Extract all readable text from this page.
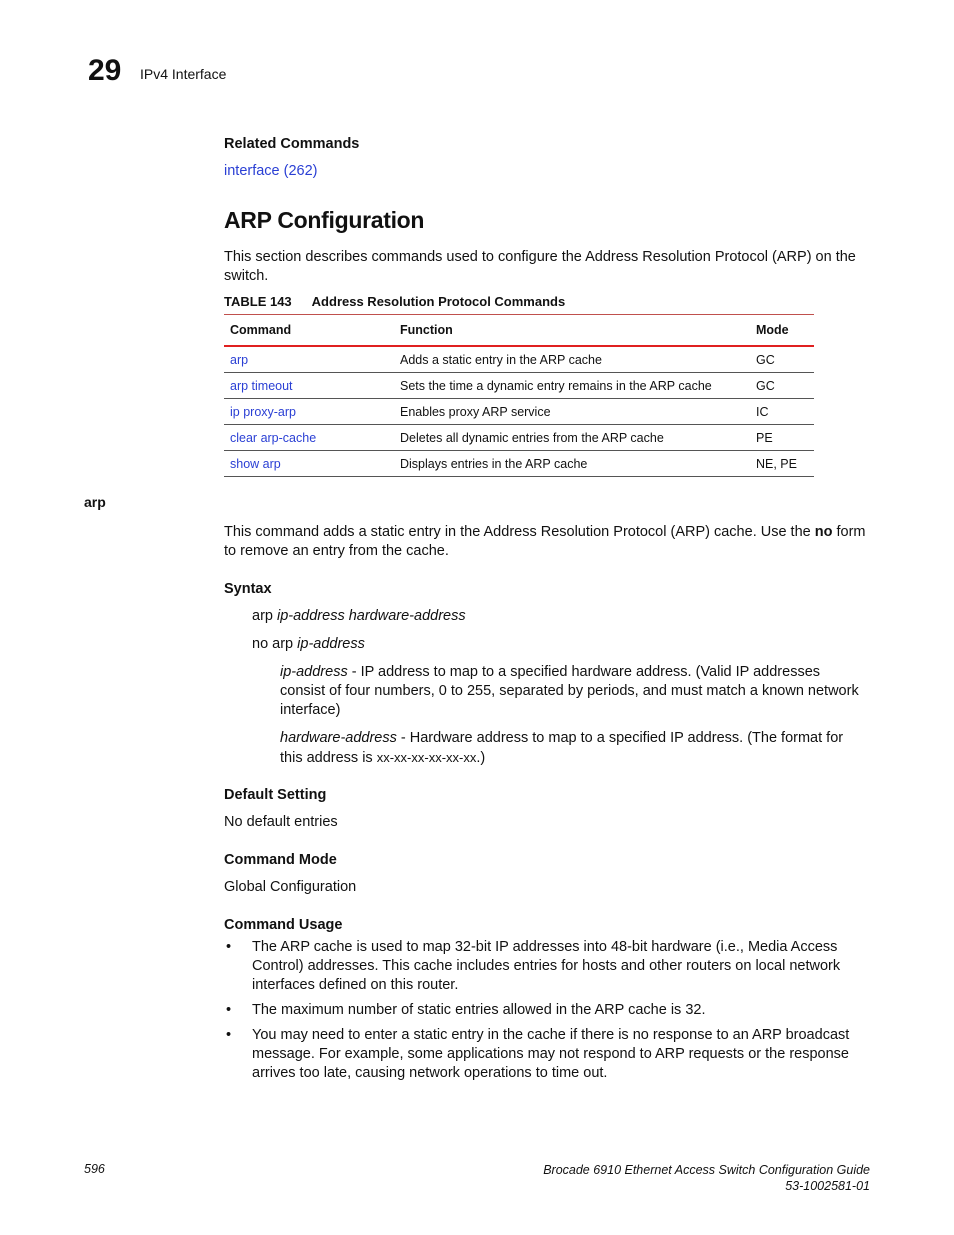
29 IPv4 Interface
Related Commands
interface (262)
ARP Configuration
This section describes commands used to configure the Address Resolution Protocol (ARP) on the switch.
TABLE 143 Address Resolution Protocol Commands
Command	Function	Mode
arp	Adds a static entry in the ARP cache	GC
arp timeout	Sets the time a dynamic entry remains in the ARP cache	GC
ip proxy-arp	Enables proxy ARP service	IC
clear arp-cache	Deletes all dynamic entries from the ARP cache	PE
show arp	Displays entries in the ARP cache	NE, PE
arp
This command adds a static entry in the Address Resolution Protocol (ARP) cache. Use the no form to remove an entry from the cache.
Syntax
arp ip-address hardware-address
no arp ip-address
ip-address - IP address to map to a specified hardware address. (Valid IP addresses consist of four numbers, 0 to 255, separated by periods, and must match a known network interface)
hardware-address - Hardware address to map to a specified IP address. (The format for this address is xx-xx-xx-xx-xx-xx.)
Default Setting
No default entries
Command Mode
Global Configuration
Command Usage
• The ARP cache is used to map 32-bit IP addresses into 48-bit hardware (i.e., Media Access Control) addresses. This cache includes entries for hosts and other routers on local network interfaces defined on this router.
• The maximum number of static entries allowed in the ARP cache is 32.
• You may need to enter a static entry in the cache if there is no response to an ARP broadcast message. For example, some applications may not respond to ARP requests or the response arrives too late, causing network operations to time out.
596	Brocade 6910 Ethernet Access Switch Configuration Guide
53-1002581-01
